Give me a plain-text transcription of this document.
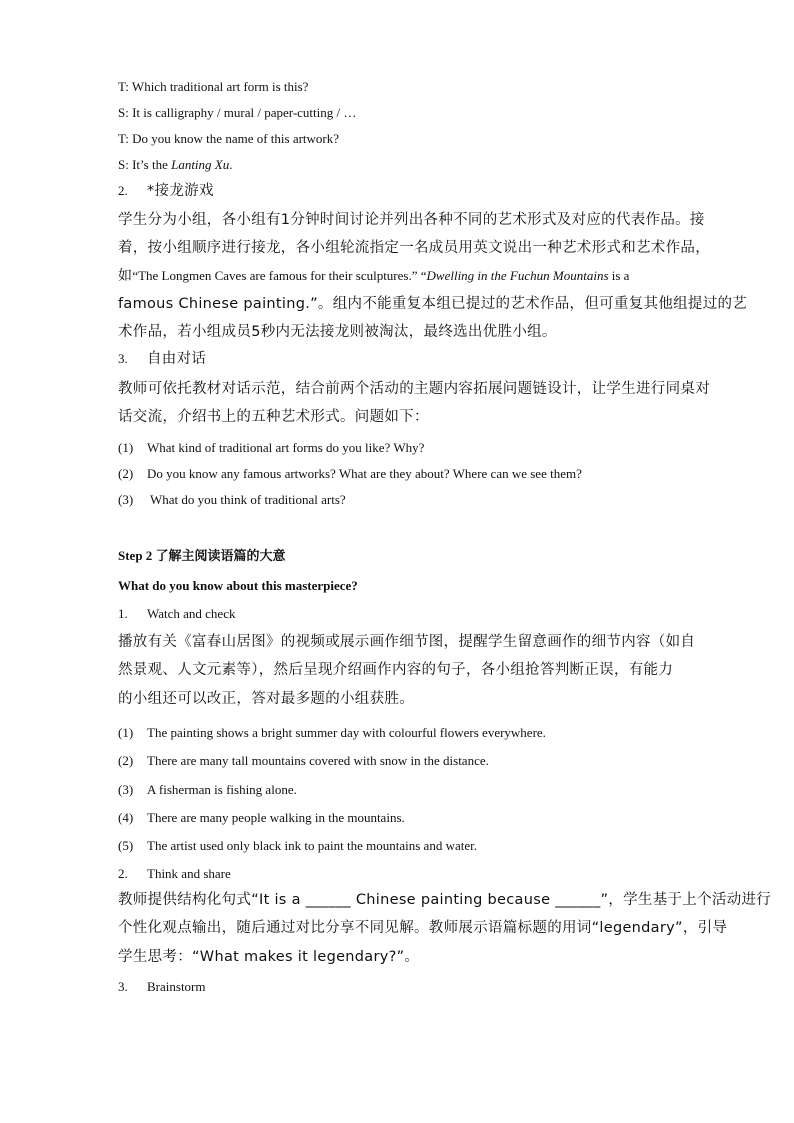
T: Which traditional art form is this?
S: It is calligraphy / mural / paper-cutting / …
T: Do you know the name of this artwork?
S: It’s the Lanting Xu.
2. *接龙游戏
学生分为小组，各小组有1分钟时间讨论并列出各种不同的艺术形式及对应的代表作品。接
着，按小组顺序进行接龙，各小组轮流指定一名成员用英文说出一种艺术形式和艺术作品，
如“The Longmen Caves are famous for their sculptures.” “Dwelling in the Fuchun Mountains is a
famous Chinese painting.”。组内不能重复本组已提过的艺术作品，但可重复其他组提过的艺
术作品，若小组成员5秒内无法接龙则被淘汰，最终选出优胜小组。
3. 自由对话
教师可依托教材对话示范，结合前两个活动的主题内容拓展问题链设计，让学生进行同桌对
话交流，介绍书上的五种艺术形式。问题如下：
(1) What kind of traditional art forms do you like? Why?
(2) Do you know any famous artworks? What are they about? Where can we see them?
(3) What do you think of traditional arts?
Step 2 了解主阅读语篇的大意
What do you know about this masterpiece?
1. Watch and check
播放有关《富春山居图》的视频或展示画作细节图，提醒学生留意画作的细节内容（如自
然景观、人文元素等），然后呈现介绍画作内容的句子，各小组抢答判断正误，有能力
的小组还可以改正，答对最多题的小组获胜。
(1) The painting shows a bright summer day with colourful flowers everywhere.
(2) There are many tall mountains covered with snow in the distance.
(3) A fisherman is fishing alone.
(4) There are many people walking in the mountains.
(5) The artist used only black ink to paint the mountains and water.
2. Think and share
教师提供结构化句式“It is a ______ Chinese painting because ______”，学生基于上个活动进行
个性化观点输出，随后通过对比分享不同见解。教师展示语篇标题的用词“legendary”，引导
学生思考：“What makes it legendary?”。
3. Brainstorm
